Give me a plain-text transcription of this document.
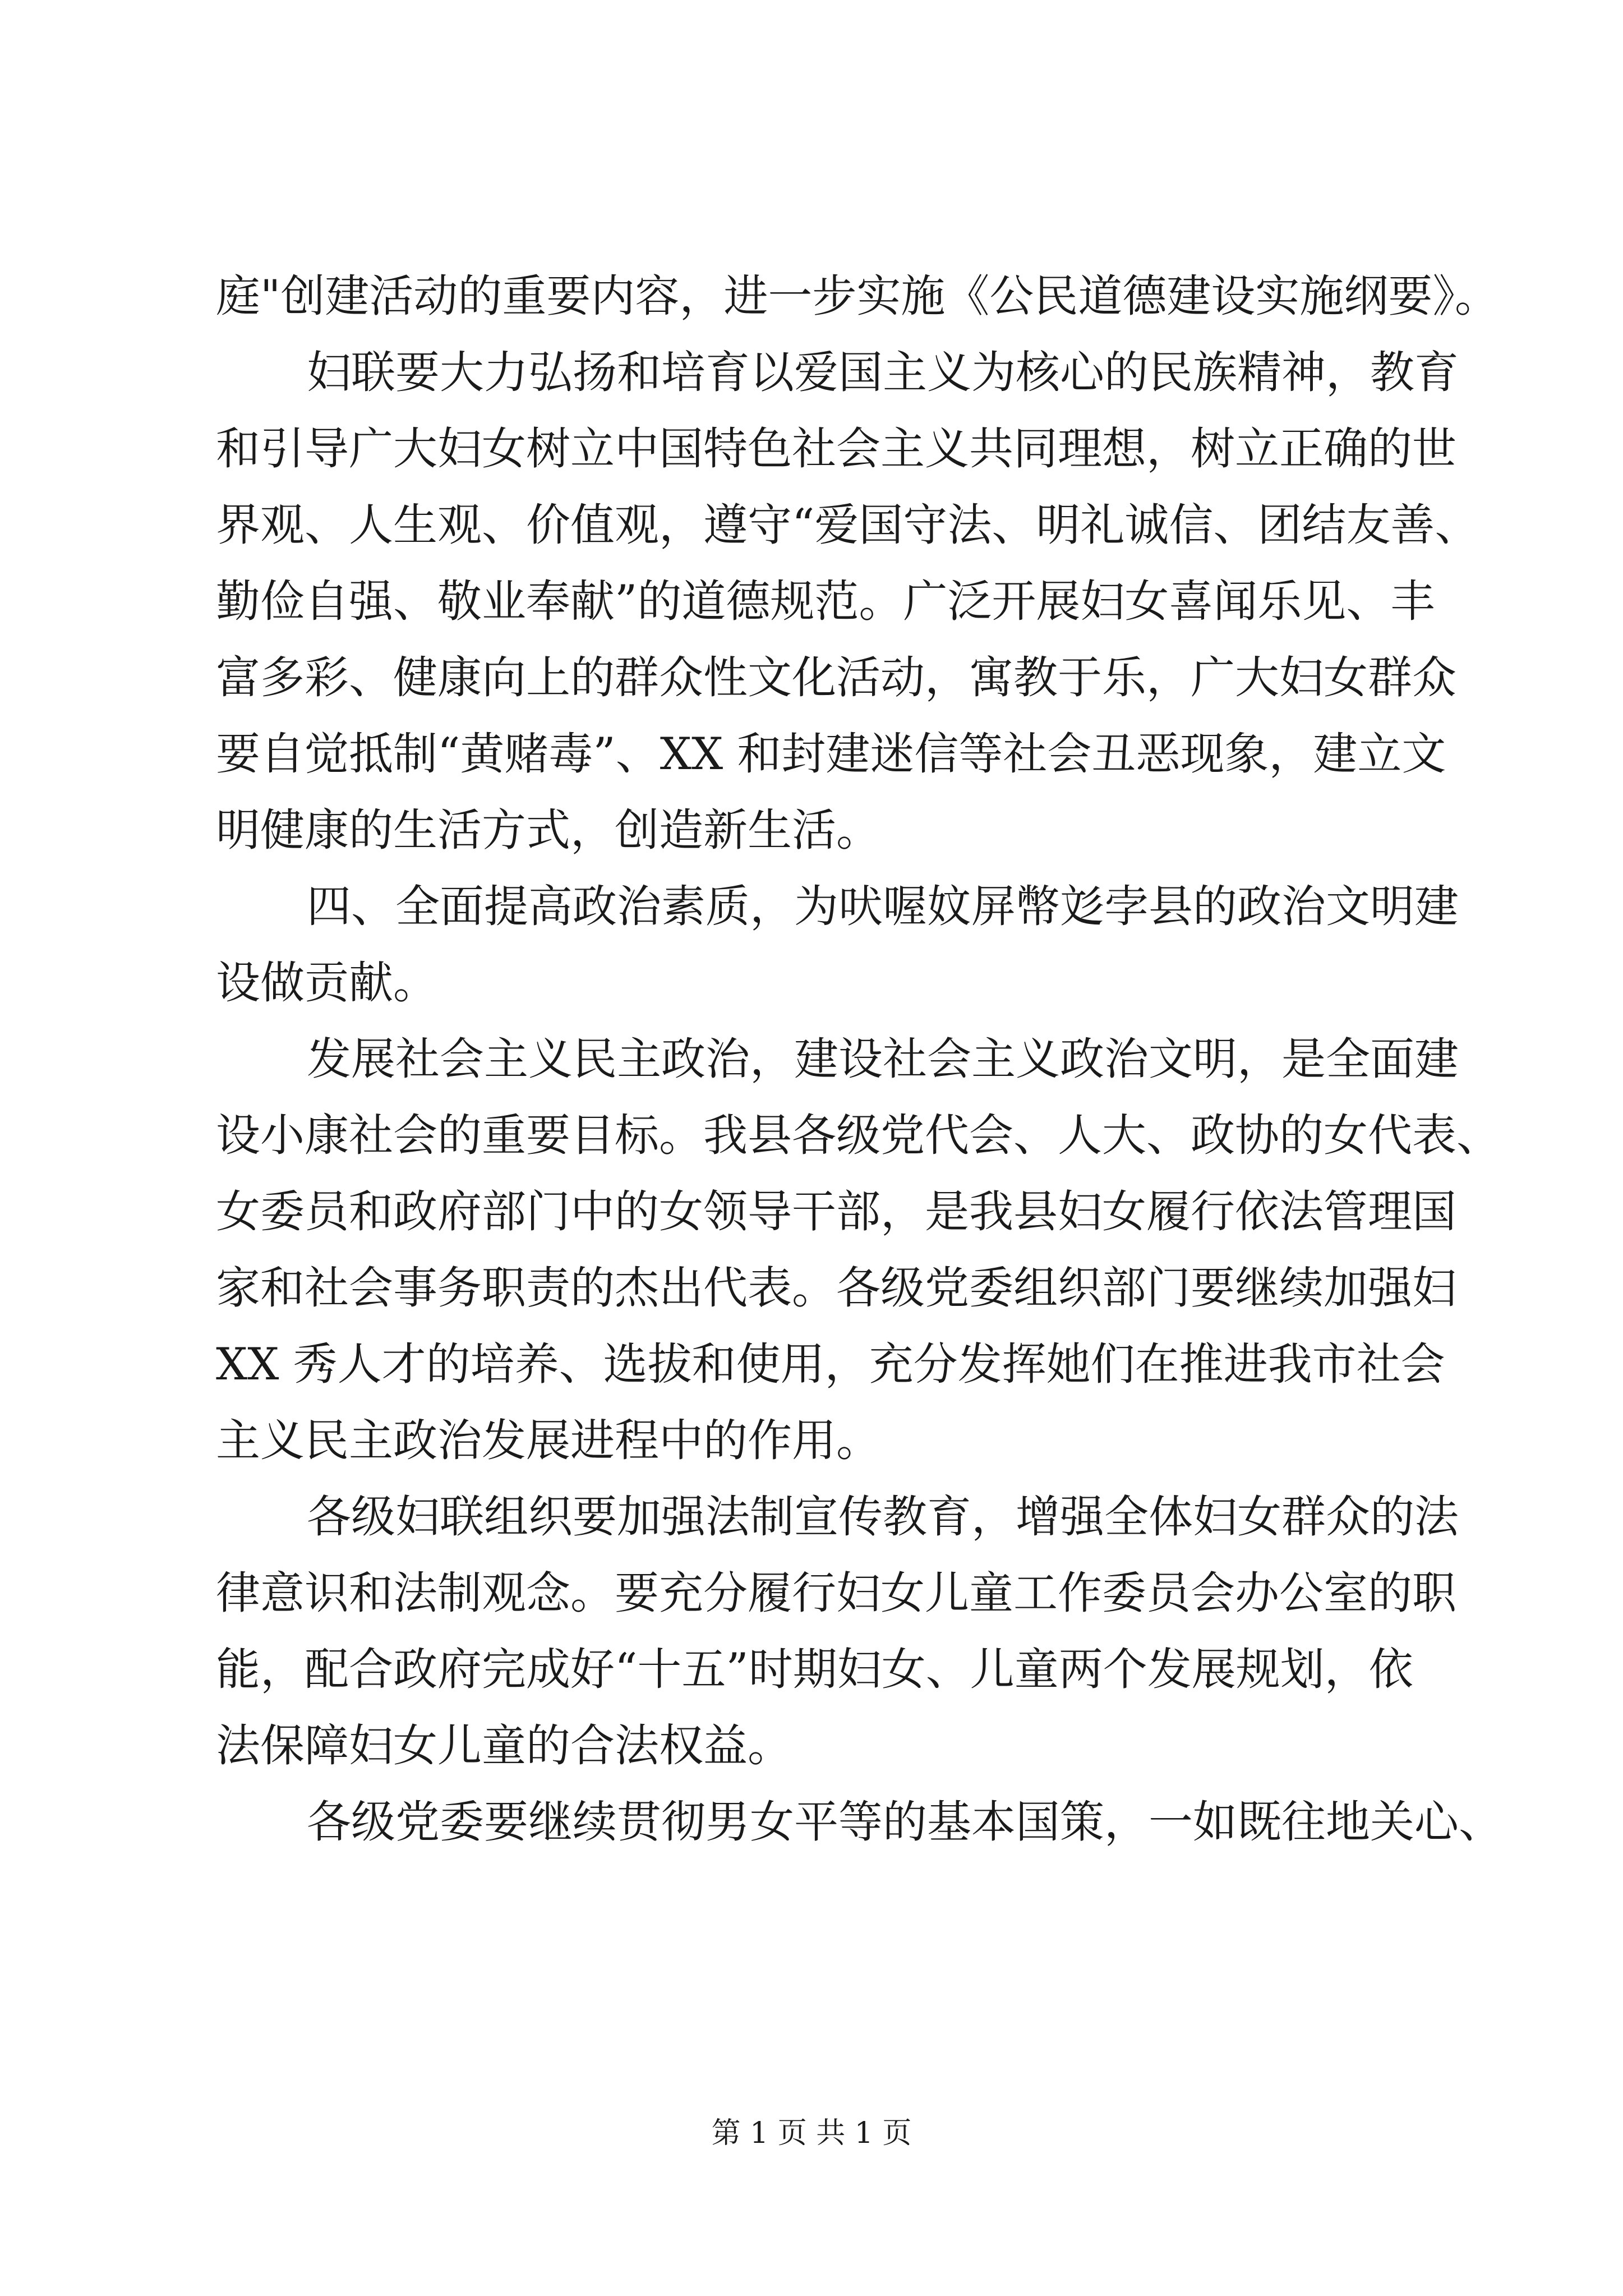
庭"创建活动的重要内容，进一步实施《公民道德建设实施纲要》。
妇联要大力弘扬和培育以爱国主义为核心的民族精神，教育
和引导广大妇女树立中国特色社会主义共同理想，树立正确的世
界观、人生观、价值观，遵守“爱国守法、明礼诚信、团结友善、
勤俭自强、敬业奉献”的道德规范。广泛开展妇女喜闻乐见、丰
富多彩、健康向上的群众性文化活动，寓教于乐，广大妇女群众
要自觉抵制“黄赌毒”、XX 和封建迷信等社会丑恶现象，建立文
明健康的生活方式，创造新生活。
四、全面提高政治素质，为吠喔妏屏幣彣孛县的政治文明建
设做贡献。
发展社会主义民主政治，建设社会主义政治文明，是全面建
设小康社会的重要目标。我县各级党代会、人大、政协的女代表、
女委员和政府部门中的女领导干部，是我县妇女履行依法管理国
家和社会事务职责的杰出代表。各级党委组织部门要继续加强妇
XX 秀人才的培养、选拔和使用，充分发挥她们在推进我市社会
主义民主政治发展进程中的作用。
各级妇联组织要加强法制宣传教育，增强全体妇女群众的法
律意识和法制观念。要充分履行妇女儿童工作委员会办公室的职
能，配合政府完成好“十五”时期妇女、儿童两个发展规划，依
法保障妇女儿童的合法权益。
各级党委要继续贯彻男女平等的基本国策，一如既往地关心、
第 1 页 共 1 页
